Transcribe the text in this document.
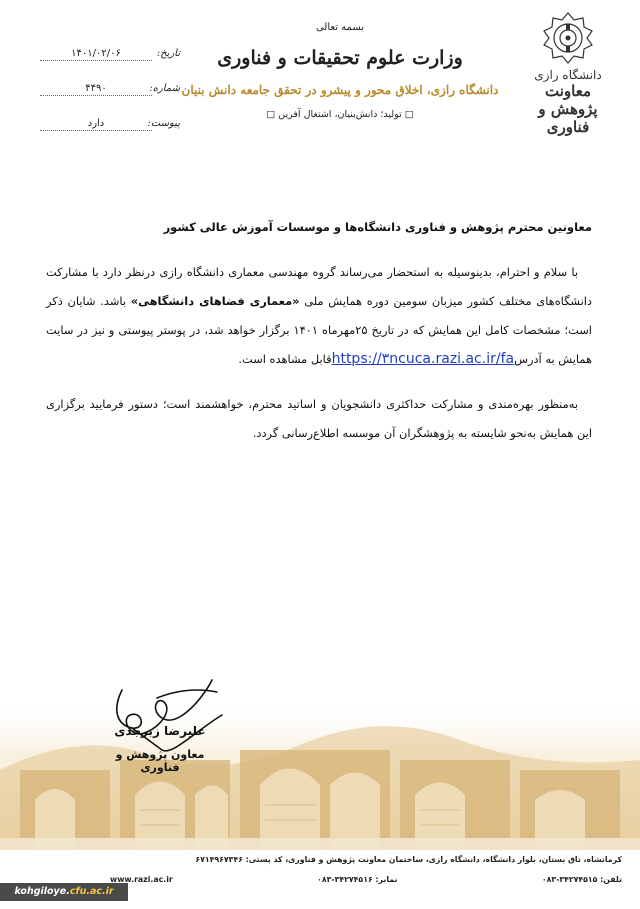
دانشگاه رازی
معاونت
پژوهش و فناوری
بسمه تعالی
وزارت علوم تحقیقات و فناوری
دانشگاه رازی، اخلاق محور و پیشرو در تحقق جامعه دانش بنیان
□ تولید؛ دانش‌بنیان، اشتغال آفرین □
تاریخ:
۱۴۰۱/۰۲/۰۶
شماره:
۴۴۹۰
پیوست:
دارد
معاونین محترم پژوهش و فناوری دانشگاه‌ها و موسسات آموزش عالی کشور

با سلام و احترام، بدینوسیله به استحضار می‌رساند گروه مهندسی معماری دانشگاه رازی درنظر دارد با مشارکت دانشگاه‌های مختلف کشور میزبان سومین دوره همایش ملی «معماری فضاهای دانشگاهی» باشد. شایان ذکر است؛ مشخصات کامل این همایش که در تاریخ ۲۵مهرماه ۱۴۰۱ برگزار خواهد شد، در پوستر پیوستی و نیز در سایت همایش به آدرسhttps://۳ncuca.razi.ac.ir/faقابل مشاهده است.

به‌منظور بهره‌مندی و مشارکت حداکثری دانشجویان و اساتید محترم، خواهشمند است؛ دستور فرمایید برگزاری این همایش به‌نحو شایسته به پژوهشگران آن موسسه اطلاع‌رسانی گردد.

علیرضا زبرجدی
معاون پژوهش و فناوری
کرمانشاه، تاق بستان، بلوار دانشگاه، دانشگاه رازی، ساختمان معاونت پژوهش و فناوری، کد پستی: ۶۷۱۴۹۶۷۳۴۶
تلفن: ۳۴۲۷۴۵۱۵-۰۸۳
نمابر: ۳۴۲۷۴۵۱۶-۰۸۳
www.razi.ac.ir
kohgiloye.cfu.ac.ir
